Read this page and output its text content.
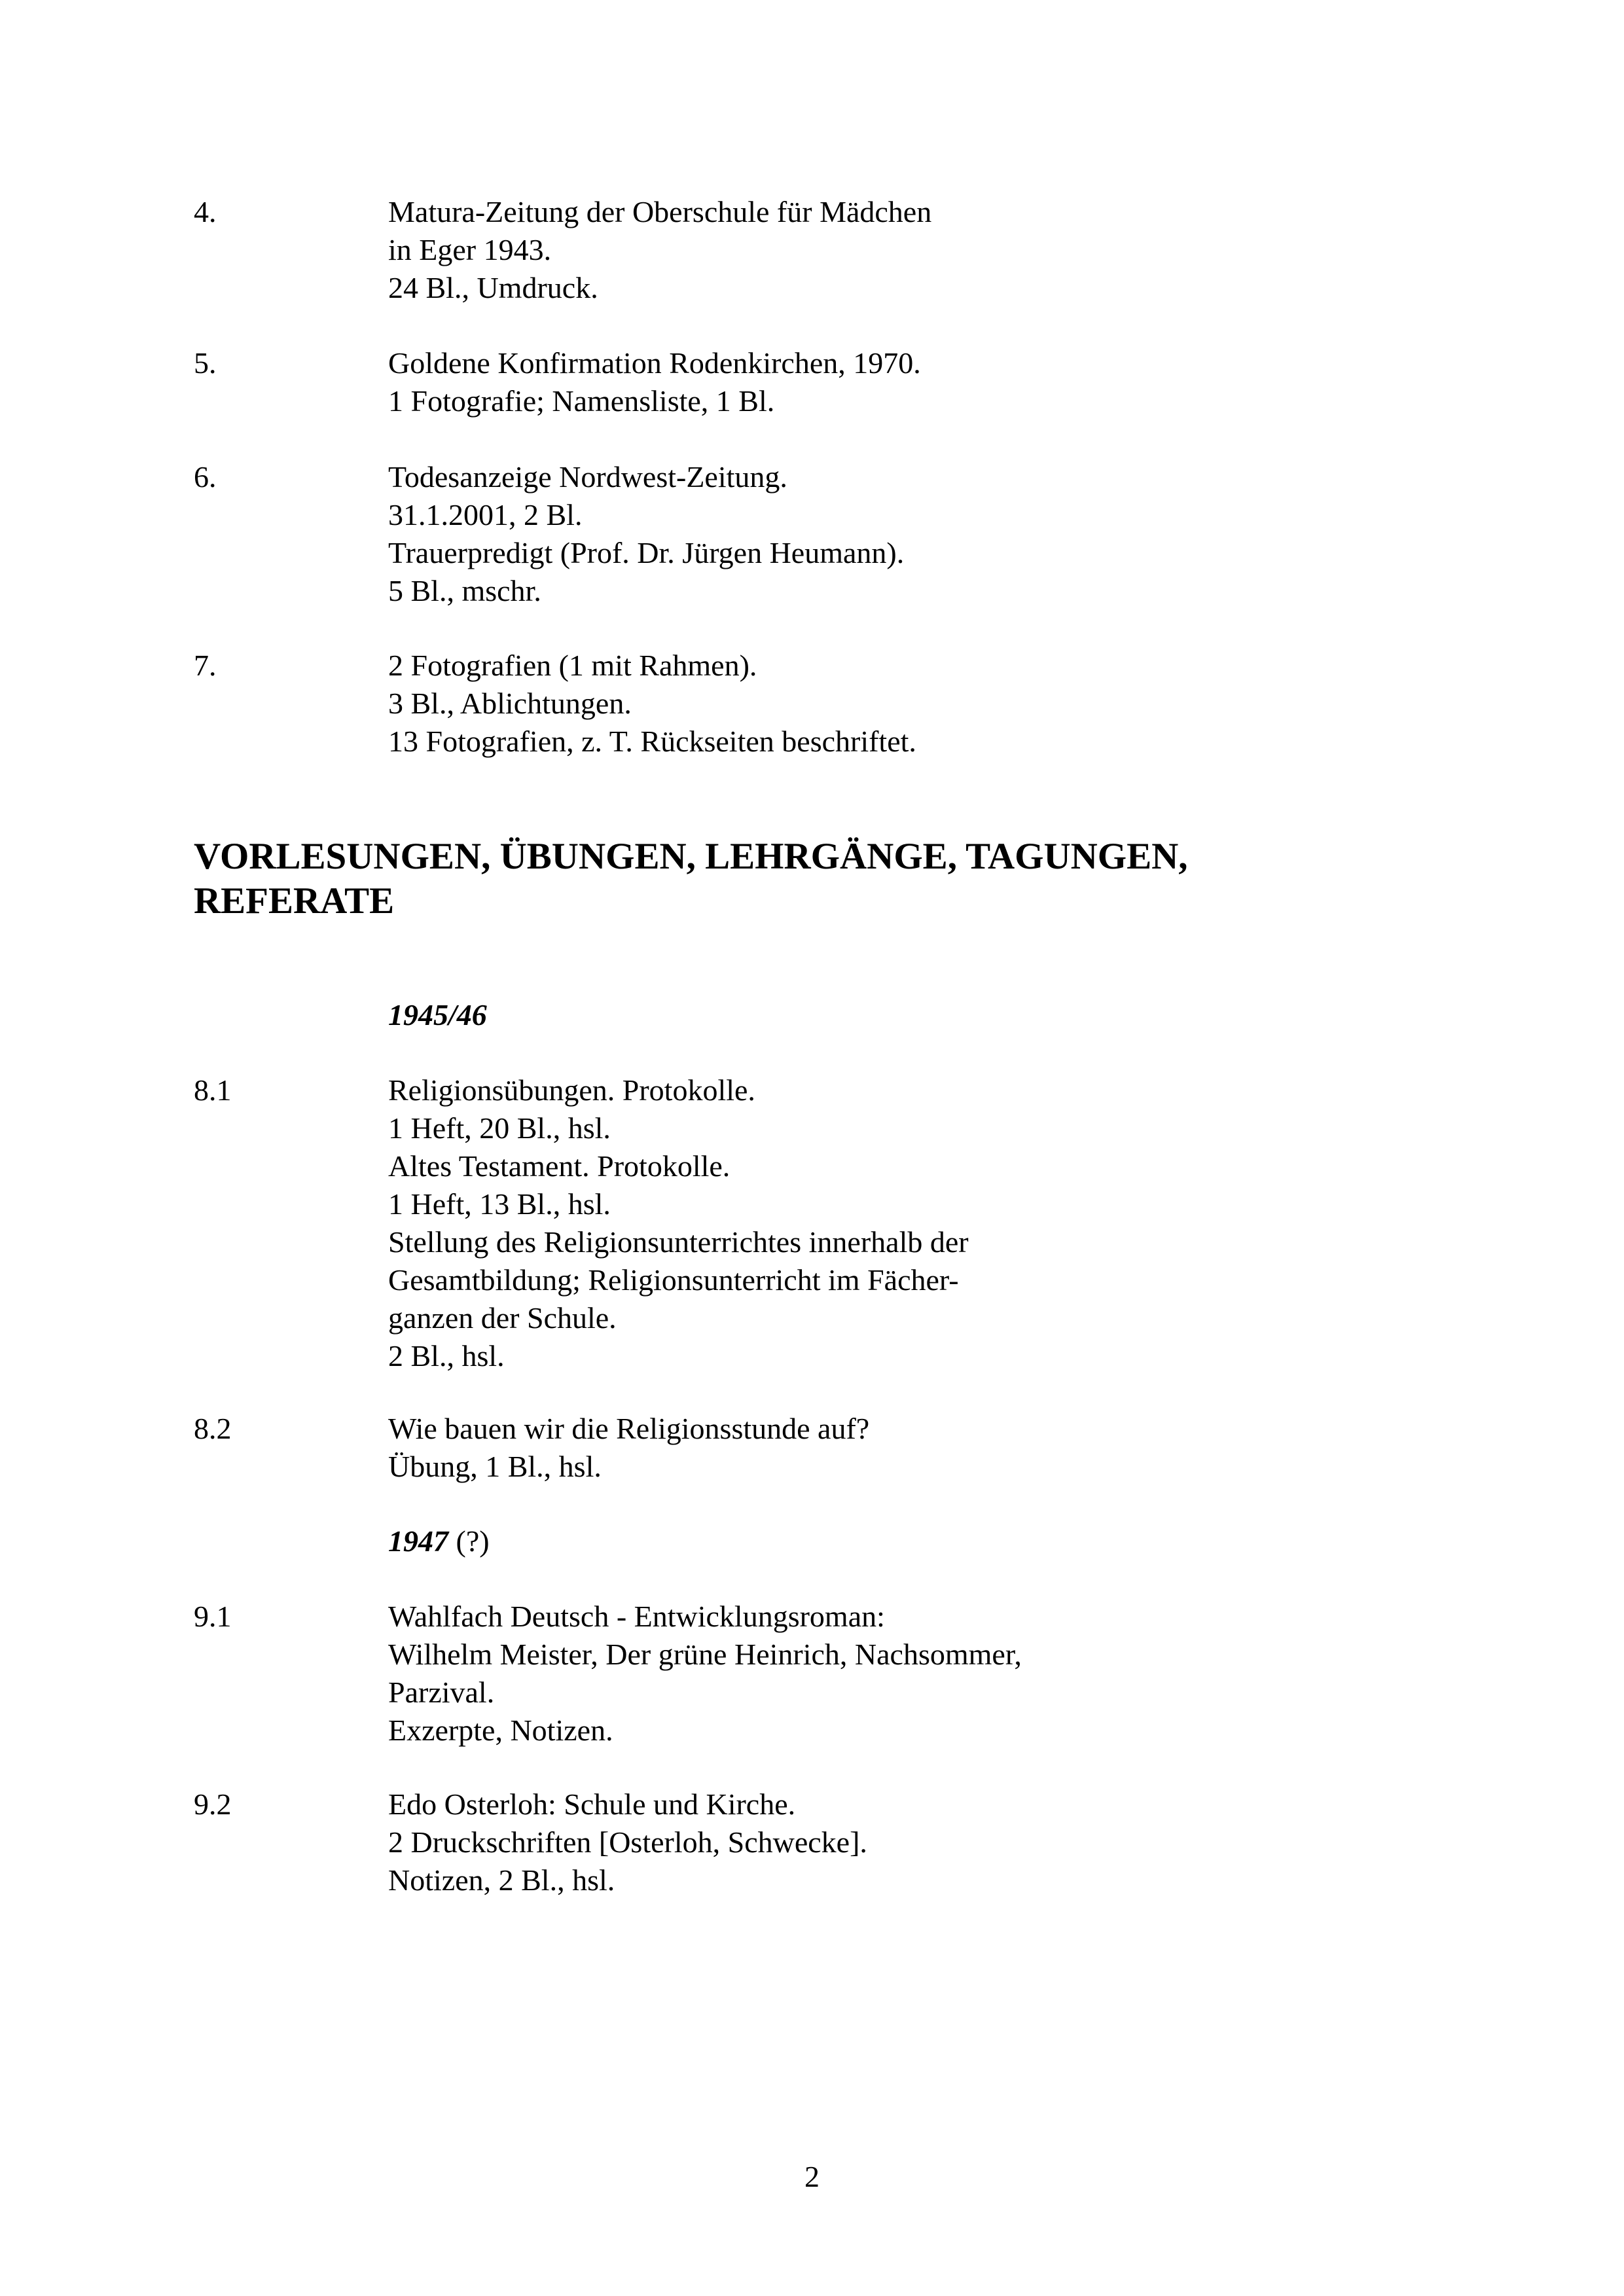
4.	Matura-Zeitung der Oberschule für Mädchen
in Eger 1943.
24 Bl., Umdruck.
5.	Goldene Konfirmation Rodenkirchen, 1970.
1 Fotografie; Namensliste, 1 Bl.
6.	Todesanzeige Nordwest-Zeitung.
31.1.2001, 2 Bl.
Trauerpredigt (Prof. Dr. Jürgen Heumann).
5 Bl., mschr.
7.	2 Fotografien (1 mit Rahmen).
3 Bl., Ablichtungen.
13 Fotografien, z. T. Rückseiten beschriftet.
VORLESUNGEN, ÜBUNGEN, LEHRGÄNGE, TAGUNGEN,
REFERATE
1945/46
8.1	Religionsübungen. Protokolle.
1 Heft, 20 Bl., hsl.
Altes Testament. Protokolle.
1 Heft, 13 Bl., hsl.
Stellung des Religionsunterrichtes innerhalb der
Gesamtbildung; Religionsunterricht im Fächer-
ganzen der Schule.
2 Bl., hsl.
8.2	Wie bauen wir die Religionsstunde auf?
Übung, 1 Bl., hsl.
1947 (?)
9.1	Wahlfach Deutsch - Entwicklungsroman:
Wilhelm Meister, Der grüne Heinrich, Nachsommer,
Parzival.
Exzerpte, Notizen.
9.2	Edo Osterloh: Schule und Kirche.
2 Druckschriften [Osterloh, Schwecke].
Notizen, 2 Bl., hsl.
2
